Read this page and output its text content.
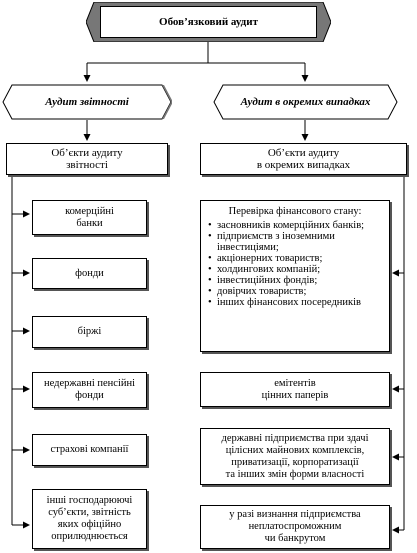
Обов’язковий аудит
Аудит звітності	Аудит в окремих випадках
Об’єкти аудиту
звітності
Об’єкти аудиту
в окремих випадках
комерційні
банки
фонди
біржі
недержавні пенсійні
фонди
страхові компанії
інші господарюючі
суб’єкти, звітність
яких офіційно
оприлюднюється
Перевірка фінансового стану:
• засновників комерційних банків;
• підприємств з іноземними інвестиціями;
• акціонерних товариств;
• холдингових компаній;
• інвестиційних фондів;
• довірчих товариств;
• інших фінансових посередників
емітентів
цінних паперів
державні підприємства при здачі
цілісних майнових комплексів,
приватизації, корпоратизації
та інших змін форми власності
у разі визнання підприємства
неплатоспроможним
чи банкрутом
